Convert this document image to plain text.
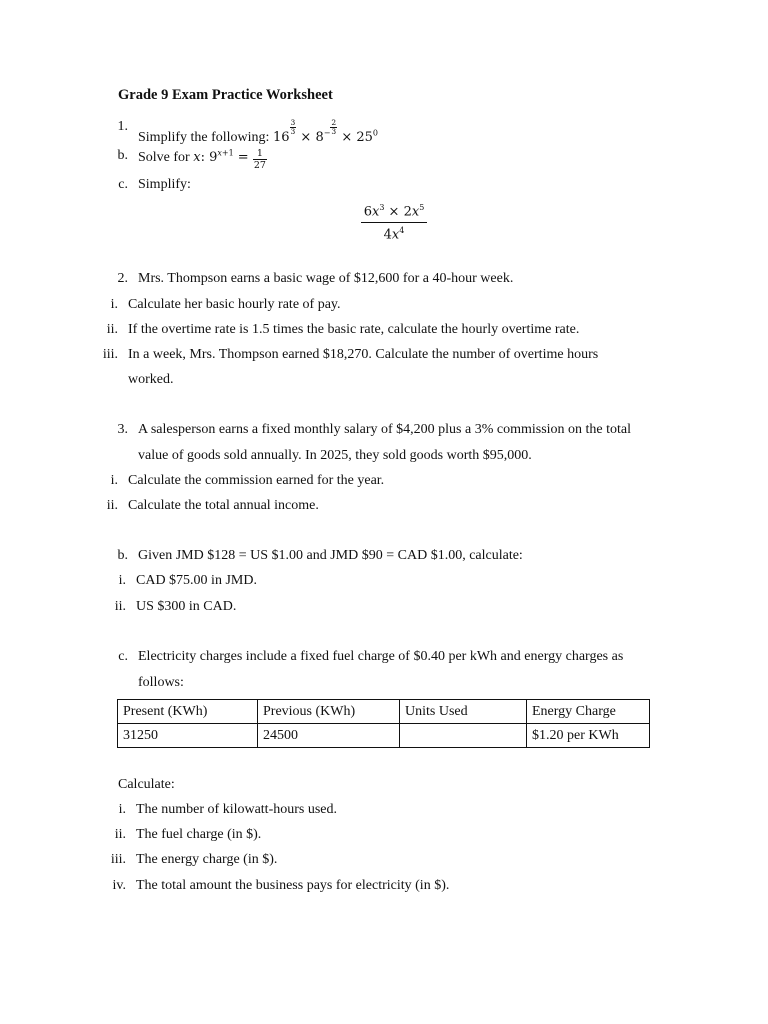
Grade 9 Exam Practice Worksheet
1.
Simplify the following: 16
$\frac{3}{3}$
× $8^- \frac{2}{3}$
× $25^0$
b. Solve for x: $9^{x+1} = \frac{1}{27}$
c. Simplify:
$6x^3 \times 2x^5$
$4x^4$
2. Mrs. Thompson earns a basic wage of $12,600 for a 40-hour week.
i. Calculate her basic hourly rate of pay.
ii. If the overtime rate is 1.5 times the basic rate, calculate the hourly overtime rate.
iii. In a week, Mrs. Thompson earned $18,270. Calculate the number of overtime hours
worked.
3. A salesperson earns a fixed monthly salary of $4,200 plus a 3% commission on the total
value of goods sold annually. In 2025, they sold goods worth $95,000.
i. Calculate the commission earned for the year.
ii. Calculate the total annual income.
b. Given JMD $128 = US $1.00 and JMD $90 = CAD $1.00, calculate:
i. CAD $75.00 in JMD.
ii. US $300 in CAD.
c. Electricity charges include a fixed fuel charge of $0.40 per kWh and energy charges as
follows:
Present (KWh)	Previous (KWh)	Units Used	Energy Charge
31250	24500		$1.20 per KWh
Calculate:
i. The number of kilowatt-hours used.
ii. The fuel charge (in $).
iii. The energy charge (in $).
iv. The total amount the business pays for electricity (in $).
